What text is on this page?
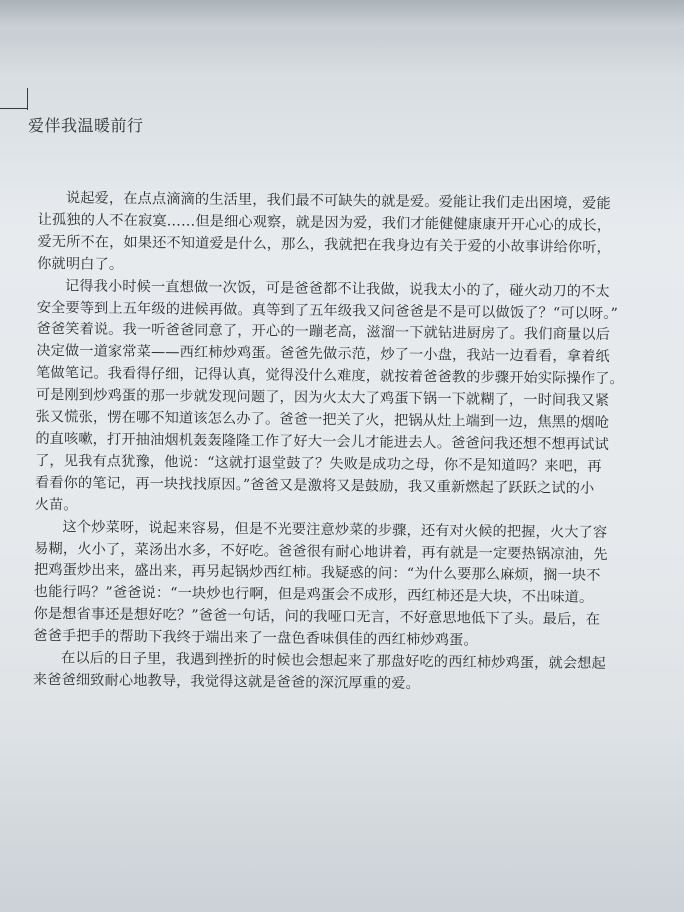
爱伴我温暖前行
说起爱，在点点滴滴的生活里，我们最不可缺失的就是爱。爱能让我们走出困境，爱能
让孤独的人不在寂寞……但是细心观察，就是因为爱，我们才能健健康康开开心心的成长，
爱无所不在，如果还不知道爱是什么，那么，我就把在我身边有关于爱的小故事讲给你听，
你就明白了。
记得我小时候一直想做一次饭，可是爸爸都不让我做，说我太小的了，碰火动刀的不太
安全要等到上五年级的进候再做。真等到了五年级我又问爸爸是不是可以做饭了？“可以呀。”
爸爸笑着说。我一听爸爸同意了，开心的一蹦老高，滋溜一下就钻进厨房了。我们商量以后
决定做一道家常菜——西红柿炒鸡蛋。爸爸先做示范，炒了一小盘，我站一边看看，拿着纸
笔做笔记。我看得仔细，记得认真，觉得没什么难度，就按着爸爸教的步骤开始实际操作了。
可是刚到炒鸡蛋的那一步就发现问题了，因为火太大了鸡蛋下锅一下就糊了，一时间我又紧
张又慌张，愣在哪不知道该怎么办了。爸爸一把关了火，把锅从灶上端到一边，焦黑的烟呛
的直咳嗽，打开抽油烟机轰轰隆隆工作了好大一会儿才能进去人。爸爸问我还想不想再试试
了，见我有点犹豫，他说：“这就打退堂鼓了？失败是成功之母，你不是知道吗？来吧，再
看看你的笔记，再一块找找原因。”爸爸又是激将又是鼓励，我又重新燃起了跃跃之试的小
火苗。
这个炒菜呀，说起来容易，但是不光要注意炒菜的步骤，还有对火候的把握，火大了容
易糊，火小了，菜汤出水多，不好吃。爸爸很有耐心地讲着，再有就是一定要热锅凉油，先
把鸡蛋炒出来，盛出来，再另起锅炒西红柿。我疑惑的问：“为什么要那么麻烦，搁一块不
也能行吗？”爸爸说：“一块炒也行啊，但是鸡蛋会不成形，西红柿还是大块，不出味道。
你是想省事还是想好吃？”爸爸一句话，问的我哑口无言，不好意思地低下了头。最后，在
爸爸手把手的帮助下我终于端出来了一盘色香味俱佳的西红柿炒鸡蛋。
在以后的日子里，我遇到挫折的时候也会想起来了那盘好吃的西红柿炒鸡蛋，就会想起
来爸爸细致耐心地教导，我觉得这就是爸爸的深沉厚重的爱。
